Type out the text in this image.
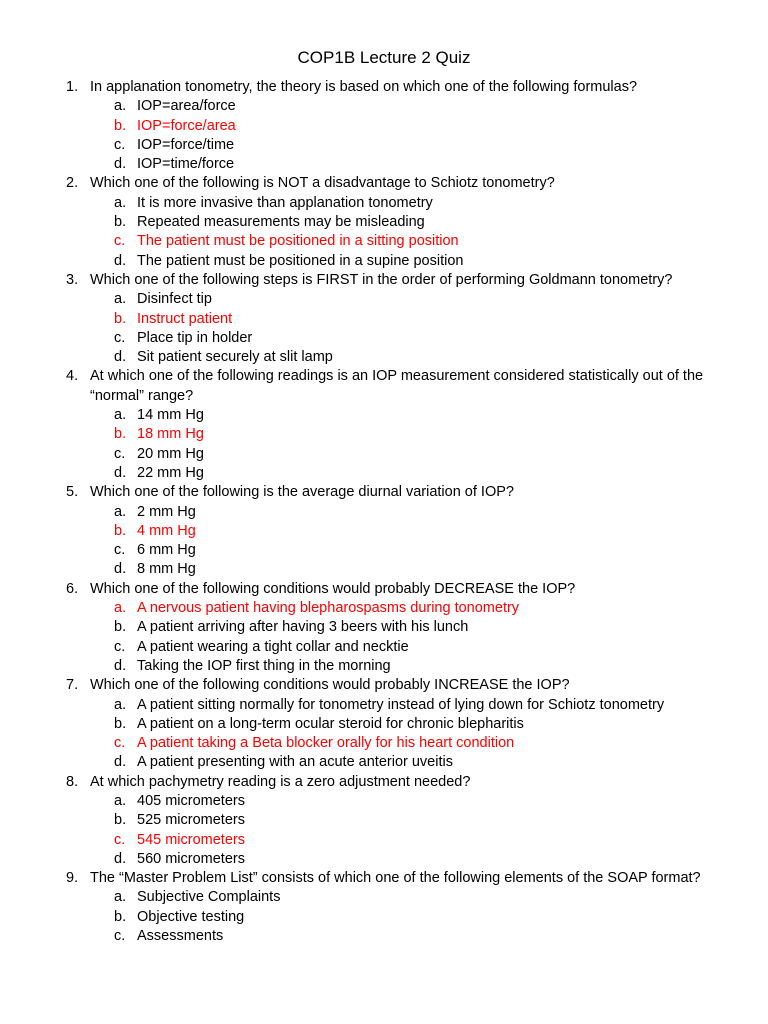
COP1B Lecture 2 Quiz
1. In applanation tonometry, the theory is based on which one of the following formulas?
a. IOP=area/force
b. IOP=force/area
c. IOP=force/time
d. IOP=time/force
2. Which one of the following is NOT a disadvantage to Schiotz tonometry?
a. It is more invasive than applanation tonometry
b. Repeated measurements may be misleading
c. The patient must be positioned in a sitting position
d. The patient must be positioned in a supine position
3. Which one of the following steps is FIRST in the order of performing Goldmann tonometry?
a. Disinfect tip
b. Instruct patient
c. Place tip in holder
d. Sit patient securely at slit lamp
4. At which one of the following readings is an IOP measurement considered statistically out of the “normal” range?
a. 14 mm Hg
b. 18 mm Hg
c. 20 mm Hg
d. 22 mm Hg
5. Which one of the following is the average diurnal variation of IOP?
a. 2 mm Hg
b. 4 mm Hg
c. 6 mm Hg
d. 8 mm Hg
6. Which one of the following conditions would probably DECREASE the IOP?
a. A nervous patient having blepharospasms during tonometry
b. A patient arriving after having 3 beers with his lunch
c. A patient wearing a tight collar and necktie
d. Taking the IOP first thing in the morning
7. Which one of the following conditions would probably INCREASE the IOP?
a. A patient sitting normally for tonometry instead of lying down for Schiotz tonometry
b. A patient on a long-term ocular steroid for chronic blepharitis
c. A patient taking a Beta blocker orally for his heart condition
d. A patient presenting with an acute anterior uveitis
8. At which pachymetry reading is a zero adjustment needed?
a. 405 micrometers
b. 525 micrometers
c. 545 micrometers
d. 560 micrometers
9. The “Master Problem List” consists of which one of the following elements of the SOAP format?
a. Subjective Complaints
b. Objective testing
c. Assessments
